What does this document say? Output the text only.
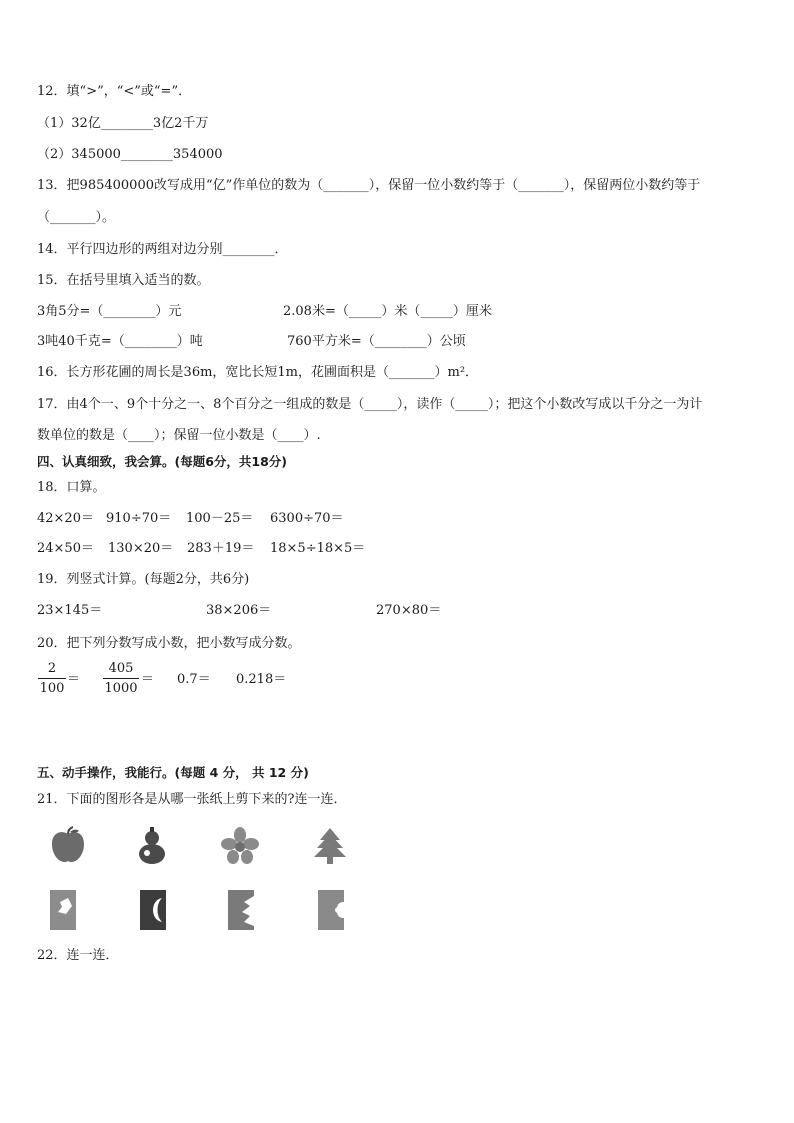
12．填“>”，“<”或“=”．
（1）32亿________3亿2千万
（2）345000________354000
13．把985400000改写成用“亿”作单位的数为（_______），保留一位小数约等于（_______），保留两位小数约等于
（_______）。
14．平行四边形的两组对边分别________．
15．在括号里填入适当的数。
3角5分=（________）元	2.08米=（_____）米（_____）厘米
3吨40千克=（________）吨	760平方米=（________）公顷
16．长方形花圃的周长是36m，宽比长短1m，花圃面积是（_______）m²．
17．由4个一、9个十分之一、8个百分之一组成的数是（_____），读作（_____）；把这个小数改写成以千分之一为计
数单位的数是（____）；保留一位小数是（____）.
四、认真细致，我会算。(每题6分，共18分)
18．口算。
42×20＝ 910÷70＝ 100－25＝ 6300÷70＝
24×50＝ 130×20＝ 283＋19＝ 18×5÷18×5＝
19．列竖式计算。(每题2分，共6分)
23×145＝	38×206＝	270×80＝
20．把下列分数写成小数，把小数写成分数。
2
100
＝
405
1000
＝ 0.7＝ 0.218＝
五、动手操作，我能行。(每题 4 分， 共 12 分)
21．下面的图形各是从哪一张纸上剪下来的?连一连．
22．连一连．
